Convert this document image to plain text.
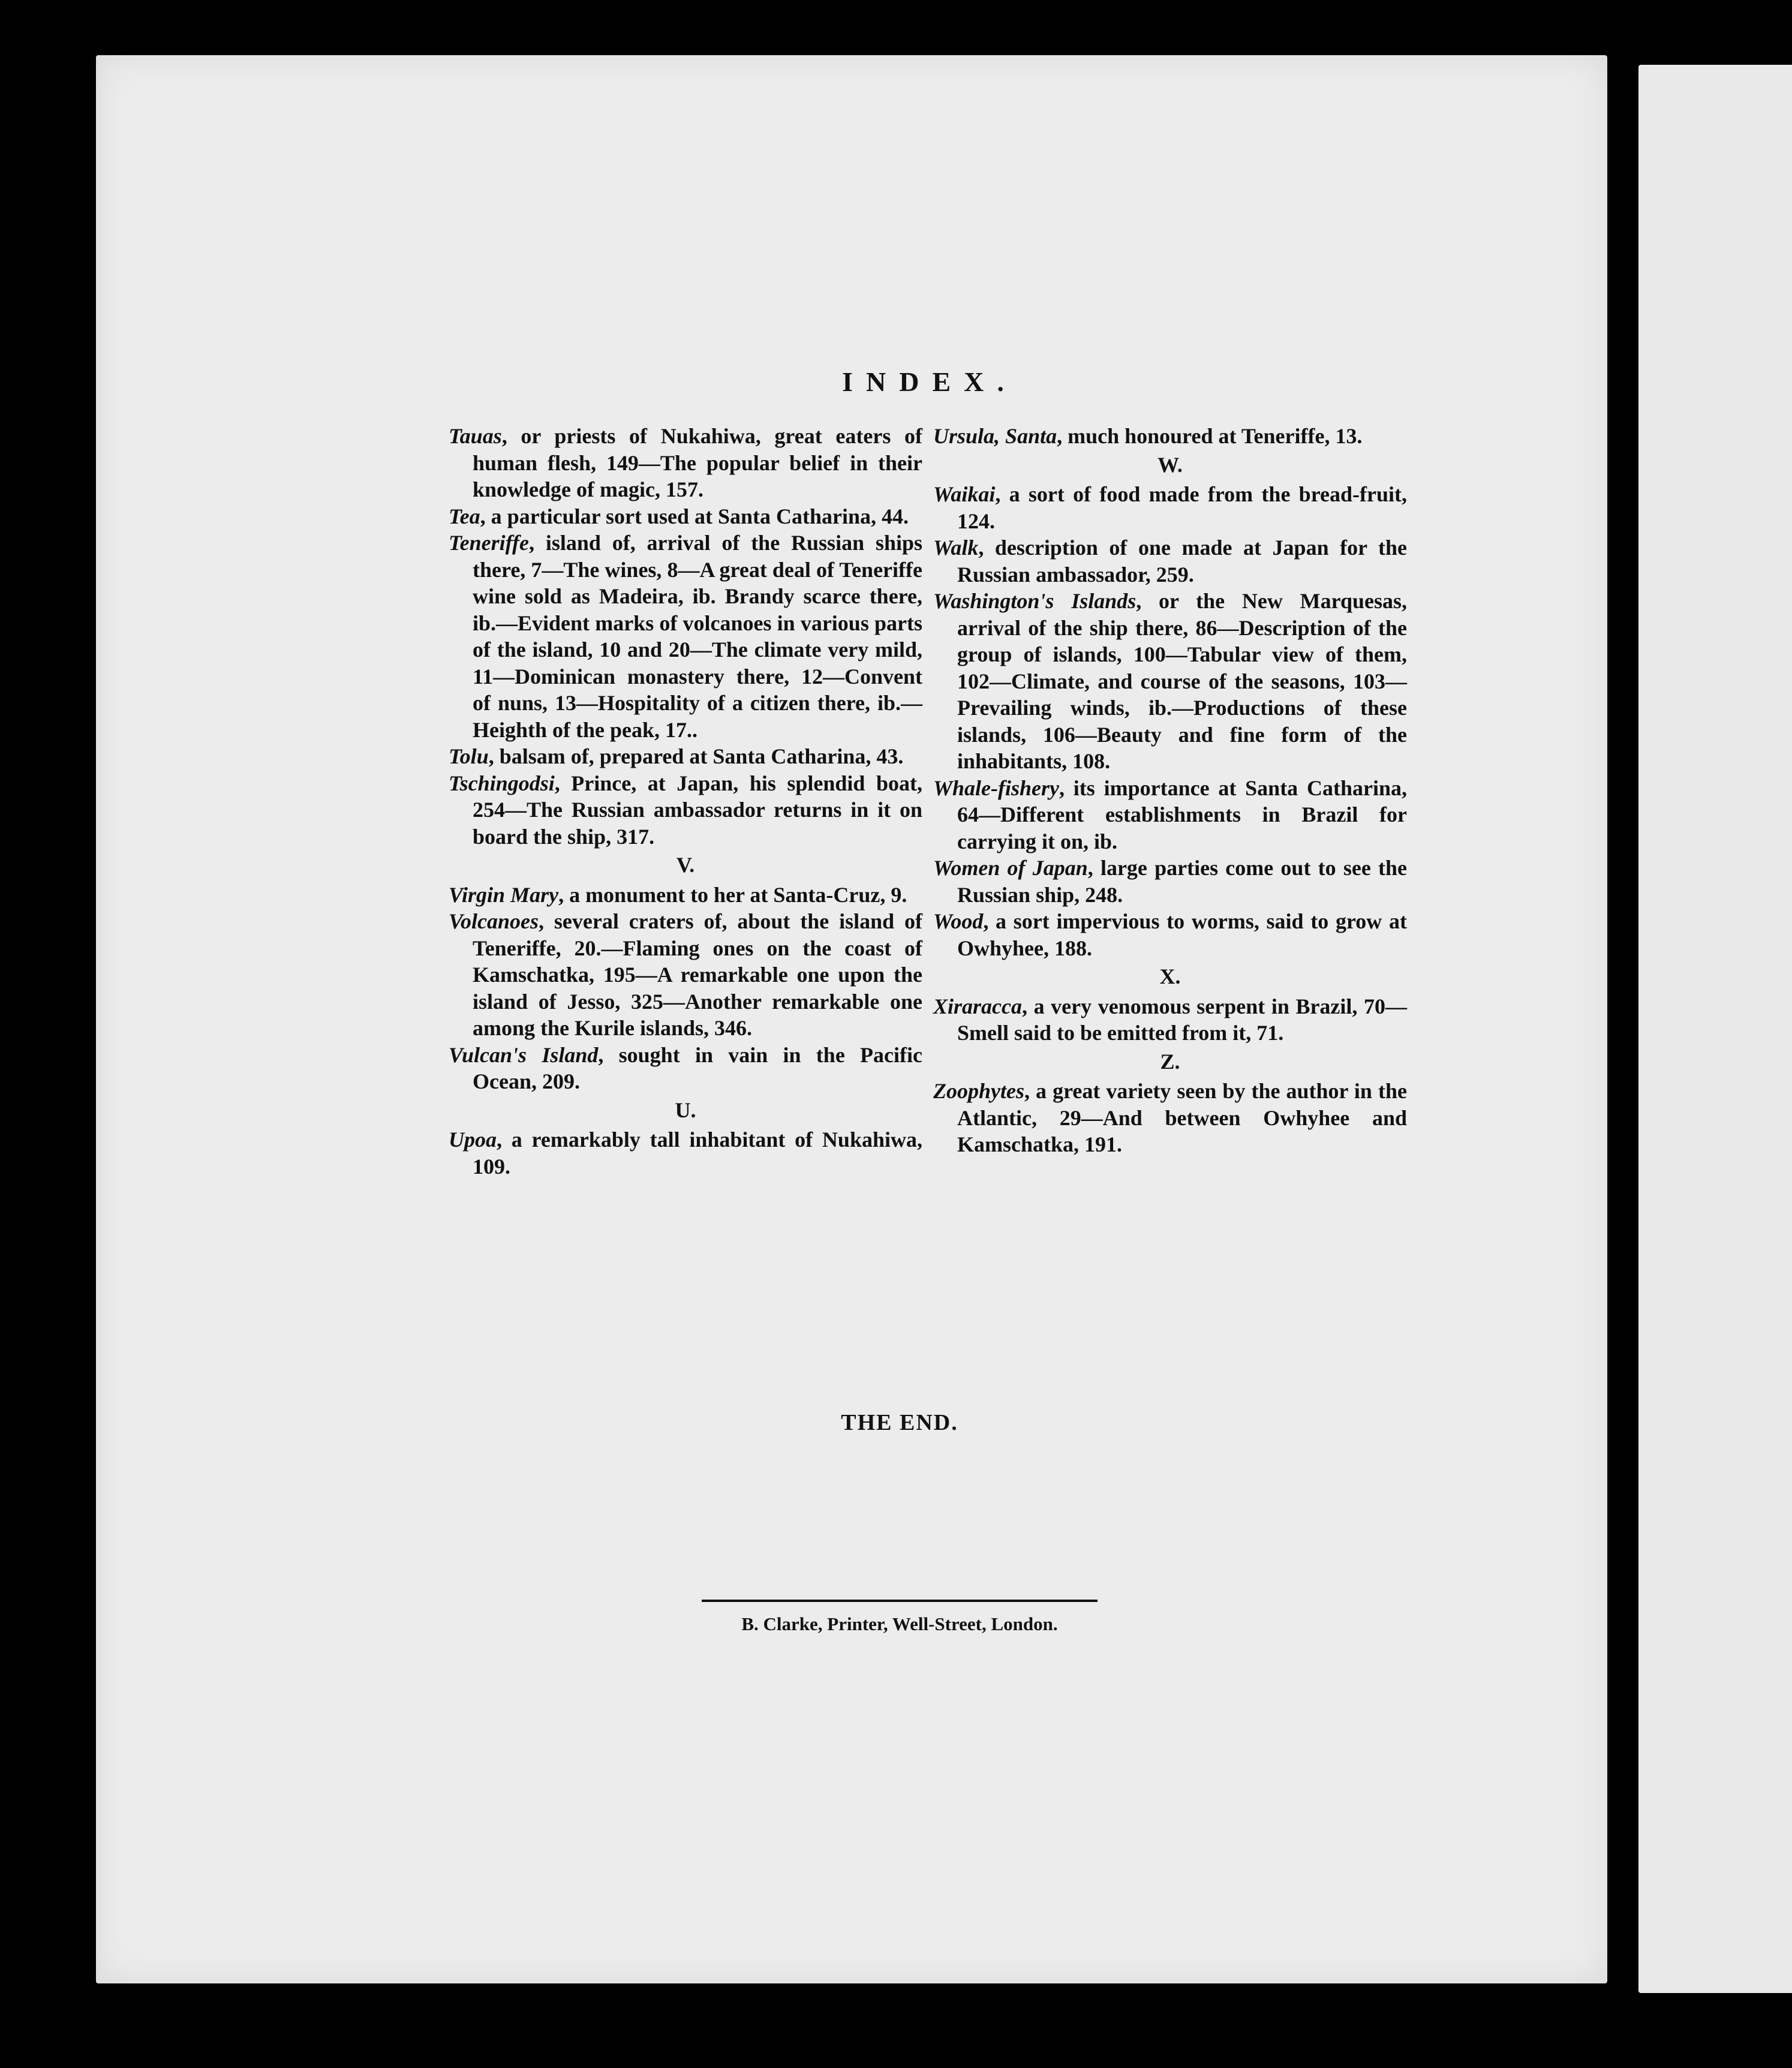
INDEX.

Tauas, or priests of Nukahiwa, great eaters of human flesh, 149—The popular belief in their knowledge of magic, 157.

Tea, a particular sort used at Santa Catharina, 44.

Teneriffe, island of, arrival of the Russian ships there, 7—The wines, 8—A great deal of Teneriffe wine sold as Madeira, ib. Brandy scarce there, ib.—Evident marks of volcanoes in various parts of the island, 10 and 20—The climate very mild, 11—Dominican monastery there, 12—Convent of nuns, 13—Hospitality of a citizen there, ib.—Heighth of the peak, 17..

Tolu, balsam of, prepared at Santa Catharina, 43.

Tschingodsi, Prince, at Japan, his splendid boat, 254—The Russian ambassador returns in it on board the ship, 317.

V.

Virgin Mary, a monument to her at Santa-Cruz, 9.

Volcanoes, several craters of, about the island of Teneriffe, 20.—Flaming ones on the coast of Kamschatka, 195—A remarkable one upon the island of Jesso, 325—Another remarkable one among the Kurile islands, 346.

Vulcan's Island, sought in vain in the Pacific Ocean, 209.

U.

Upoa, a remarkably tall inhabitant of Nukahiwa, 109.

Ursula, Santa, much honoured at Teneriffe, 13.

W.

Waikai, a sort of food made from the bread-fruit, 124.

Walk, description of one made at Japan for the Russian ambassador, 259.

Washington's Islands, or the New Marquesas, arrival of the ship there, 86—Description of the group of islands, 100—Tabular view of them, 102—Climate, and course of the seasons, 103—Prevailing winds, ib.—Productions of these islands, 106—Beauty and fine form of the inhabitants, 108.

Whale-fishery, its importance at Santa Catharina, 64—Different establishments in Brazil for carrying it on, ib.

Women of Japan, large parties come out to see the Russian ship, 248.

Wood, a sort impervious to worms, said to grow at Owhyhee, 188.

X.

Xiraracca, a very venomous serpent in Brazil, 70—Smell said to be emitted from it, 71.

Z.

Zoophytes, a great variety seen by the author in the Atlantic, 29—And between Owhyhee and Kamschatka, 191.

THE END.
B. Clarke, Printer, Well-Street, London.
